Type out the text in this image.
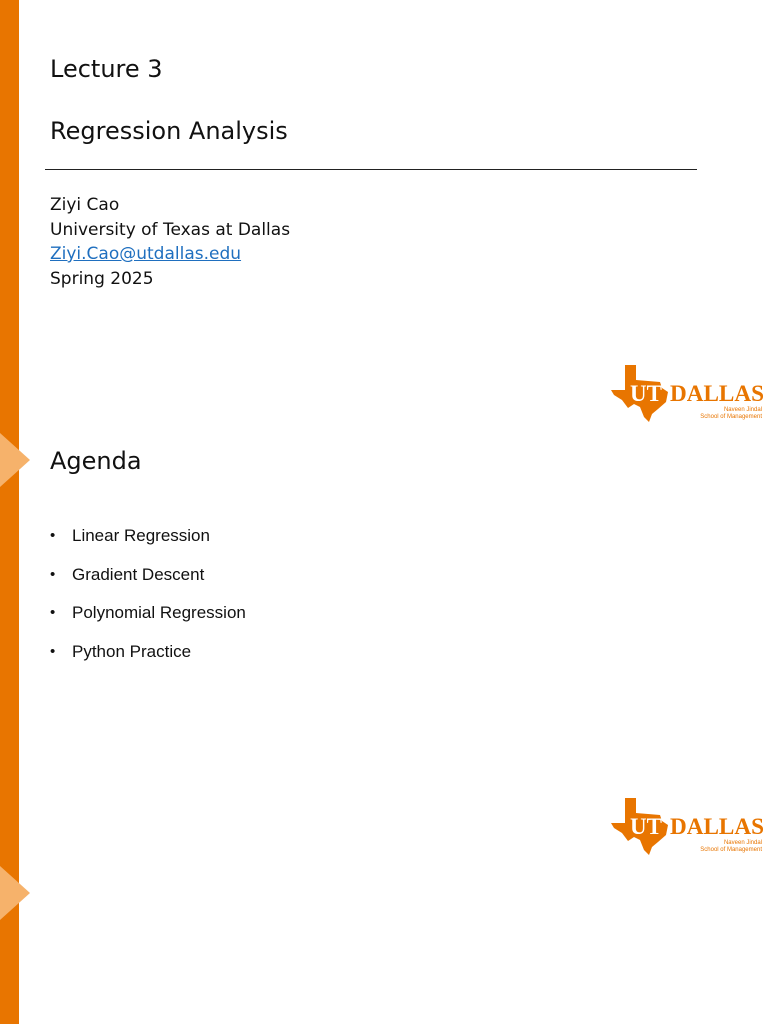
Lecture 3
Regression Analysis
Ziyi Cao
University of Texas at Dallas
Ziyi.Cao@utdallas.edu
Spring 2025
UT DALLAS
Naveen Jindal
School of Management
Agenda
• Linear Regression
• Gradient Descent
• Polynomial Regression
• Python Practice
UT DALLAS
Naveen Jindal
School of Management
